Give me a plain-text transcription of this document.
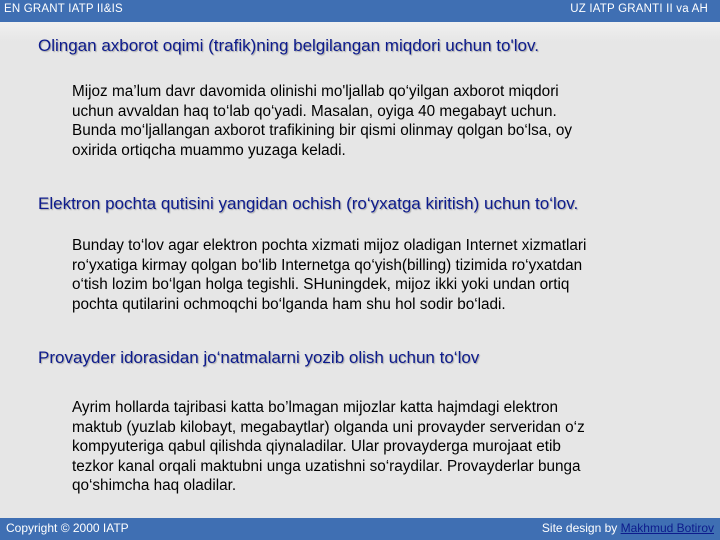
EN GRANT IATP II&IS	UZ IATP GRANTI II va AH
Olingan axborot oqimi (trafik)ning belgilangan miqdori uchun to'lov.

Mijoz ma’lum davr davomida olinishi mo'ljallab qo‘yilgan axborot miqdori
uchun avvaldan haq to‘lab qo‘yadi. Masalan, oyiga 40 megabayt uchun.
Bunda mo‘ljallangan axborot trafikining bir qismi olinmay qolgan bo‘lsa, oy
oxirida ortiqcha muammo yuzaga keladi.

Elektron pochta qutisini yangidan ochish (ro‘yxatga kiritish) uchun to‘lov.

Bunday to‘lov agar elektron pochta xizmati mijoz oladigan Internet xizmatlari
ro‘yxatiga kirmay qolgan bo‘lib Internetga qo‘yish(billing) tizimida ro‘yxatdan
o‘tish lozim bo‘lgan holga tegishli. SHuningdek, mijoz ikki yoki undan ortiq
pochta qutilarini ochmoqchi bo‘lganda ham shu hol sodir bo‘ladi.

Provayder idorasidan jo‘natmalarni yozib olish uchun to‘lov

Ayrim hollarda tajribasi katta bo’lmagan mijozlar katta hajmdagi elektron
maktub (yuzlab kilobayt, megabaytlar) olganda uni provayder serveridan o‘z
kompyuteriga qabul qilishda qiynaladilar. Ular provayderga murojaat etib
tezkor kanal orqali maktubni unga uzatishni so‘raydilar. Provayderlar bunga
qo‘shimcha haq oladilar.

Copyright © 2000 IATP	Site design by Makhmud Botirov
